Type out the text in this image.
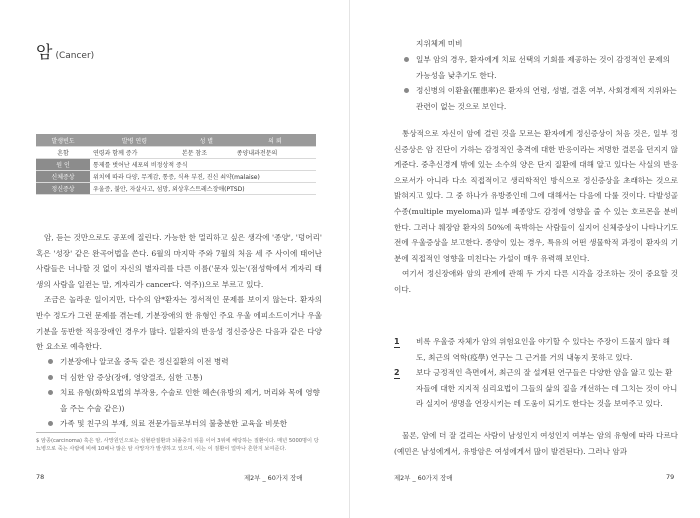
암 (Cancer)
발생빈도	발병 연령	성 별	의 뢰
흔함	연령과 함께 증가	본문 참조	종양내과전문의
원 인	통제를 벗어난 세포의 비정상적 증식		
신체증상	위치에 따라 다양, 무게감, 통증, 식욕 부진, 진신 쇠약(malaise)		
정신증상	우울증, 불안, 자살사고, 섬망, 외상후스트레스장애(PTSD)		

암, 듣는 것만으로도 공포에 질린다. 가능한 한 멀리하고 싶은 생각에 '종양', '덩어리' 혹은 '성장' 같은 완곡어법을 쓴다. 6월의 마지막 주와 7월의 처음 세 주 사이에 태어난 사람들은 너나할 것 없이 자신의 별자리를 다른 이름('문자 있는'(점성학에서 게자리 태생의 사람을 일컫는 말, 게자리가 cancer다. 역주))으로 부르고 있다.

조금은 놀라운 일이지만, 다수의 암*환자는 정서적인 문제를 보이지 않는다. 환자의 반수 정도가 그런 문제를 겪는데, 기분장애의 한 유형인 주요 우울 에피소드이거나 우울기분을 동반한 적응장애인 경우가 많다. 일환자의 반응성 정신증상은 다음과 같은 다양한 요소로 예측한다.

기분장애나 알코올 중독 같은 정신질환의 이전 병력
더 심한 암 증상(장애, 영양결조, 심한 고통)
치료 유형(화학요법의 부작용, 수술로 인한 혜손(유방의 제거, 머리와 목에 영향을 주는 수술 같은))
가족 및 친구의 부재, 의료 전문가들로부터의 불충분한 교육을 비롯한

$ 암종(carcinoma) 혹은 암, 사망원인으로는 심혈관질환과 뇌졸중의 뒤를 이어 3위에 해당하는 질환이다. 매년 5000명이 당뇨병으로 죽는 사람에 비해 10배나 많은 암 사망자가 발생하고 있으며, 이는 이 질환이 얼마나 흔한지 보여준다.

78	제2부 _ 60가지 장애

지위체계 미비

일부 암의 경우, 환자에게 치료 선택의 기회를 제공하는 것이 감정적인 문제의 가능성을 낮추기도 한다.
정신병의 이환율(罹患率)은 환자의 연령, 성별, 결혼 여부, 사회경제적 지위와는 관련이 없는 것으로 보인다.

통상적으로 자신이 암에 걸린 것을 모르는 환자에게 정신증상이 처음 것은, 일부 정신증상은 암 진단이 가하는 감정적인 충격에 대한 반응이라는 저명한 결론을 던지지 않게준다. 중추신경계 밖에 있는 소수의 양은 단지 질환에 대해 알고 있다는 사실의 반응으로서가 아니라 다소 직접적이고 생리학적인 방식으로 정신증상을 초래하는 것으로 밝혀지고 있다. 그 중 하나가 유방종인데 그에 대해서는 다음에 다룰 것이다. 다발성골수종(multiple myeloma)과 일부 폐종양도 감정에 영향을 줄 수 있는 호르몬을 분비한다. 그러나 췌장암 환자의 50%에 육박하는 사람들이 실지어 신체증상이 나타나기도 전에 우울증상을 보고한다. 종양이 있는 경우, 특유의 어떤 생물학적 과정이 환자의 기분에 직접적인 영향을 미친다는 가설이 매우 유력해 보인다.

여기서 정신장애와 암의 관계에 관해 두 가지 다른 시각을 강조하는 것이 중요할 것이다.

1 비록 우울증 자체가 암의 위험요인을 야기할 수 있다는 주장이 드물지 않다 해도, 최근의 역학(疫學) 연구는 그 근거를 거의 내놓지 못하고 있다.
2 보다 긍정적인 측면에서, 최근의 잘 설계된 연구들은 다양한 암을 앓고 있는 환자들에 대한 지지적 심리요법이 그들의 삶의 질을 개선하는 데 그치는 것이 아니라 실지어 생명을 연장시키는 데 도움이 되기도 한다는 것을 보여주고 있다.

물론, 암에 더 잘 걸리는 사람이 남성인지 여성인지 여부는 암의 유형에 따라 다르다(예민은 남성에게서, 유방암은 여성에게서 많이 발견된다). 그러나 암과

제2부 _ 60가지 장애	79
